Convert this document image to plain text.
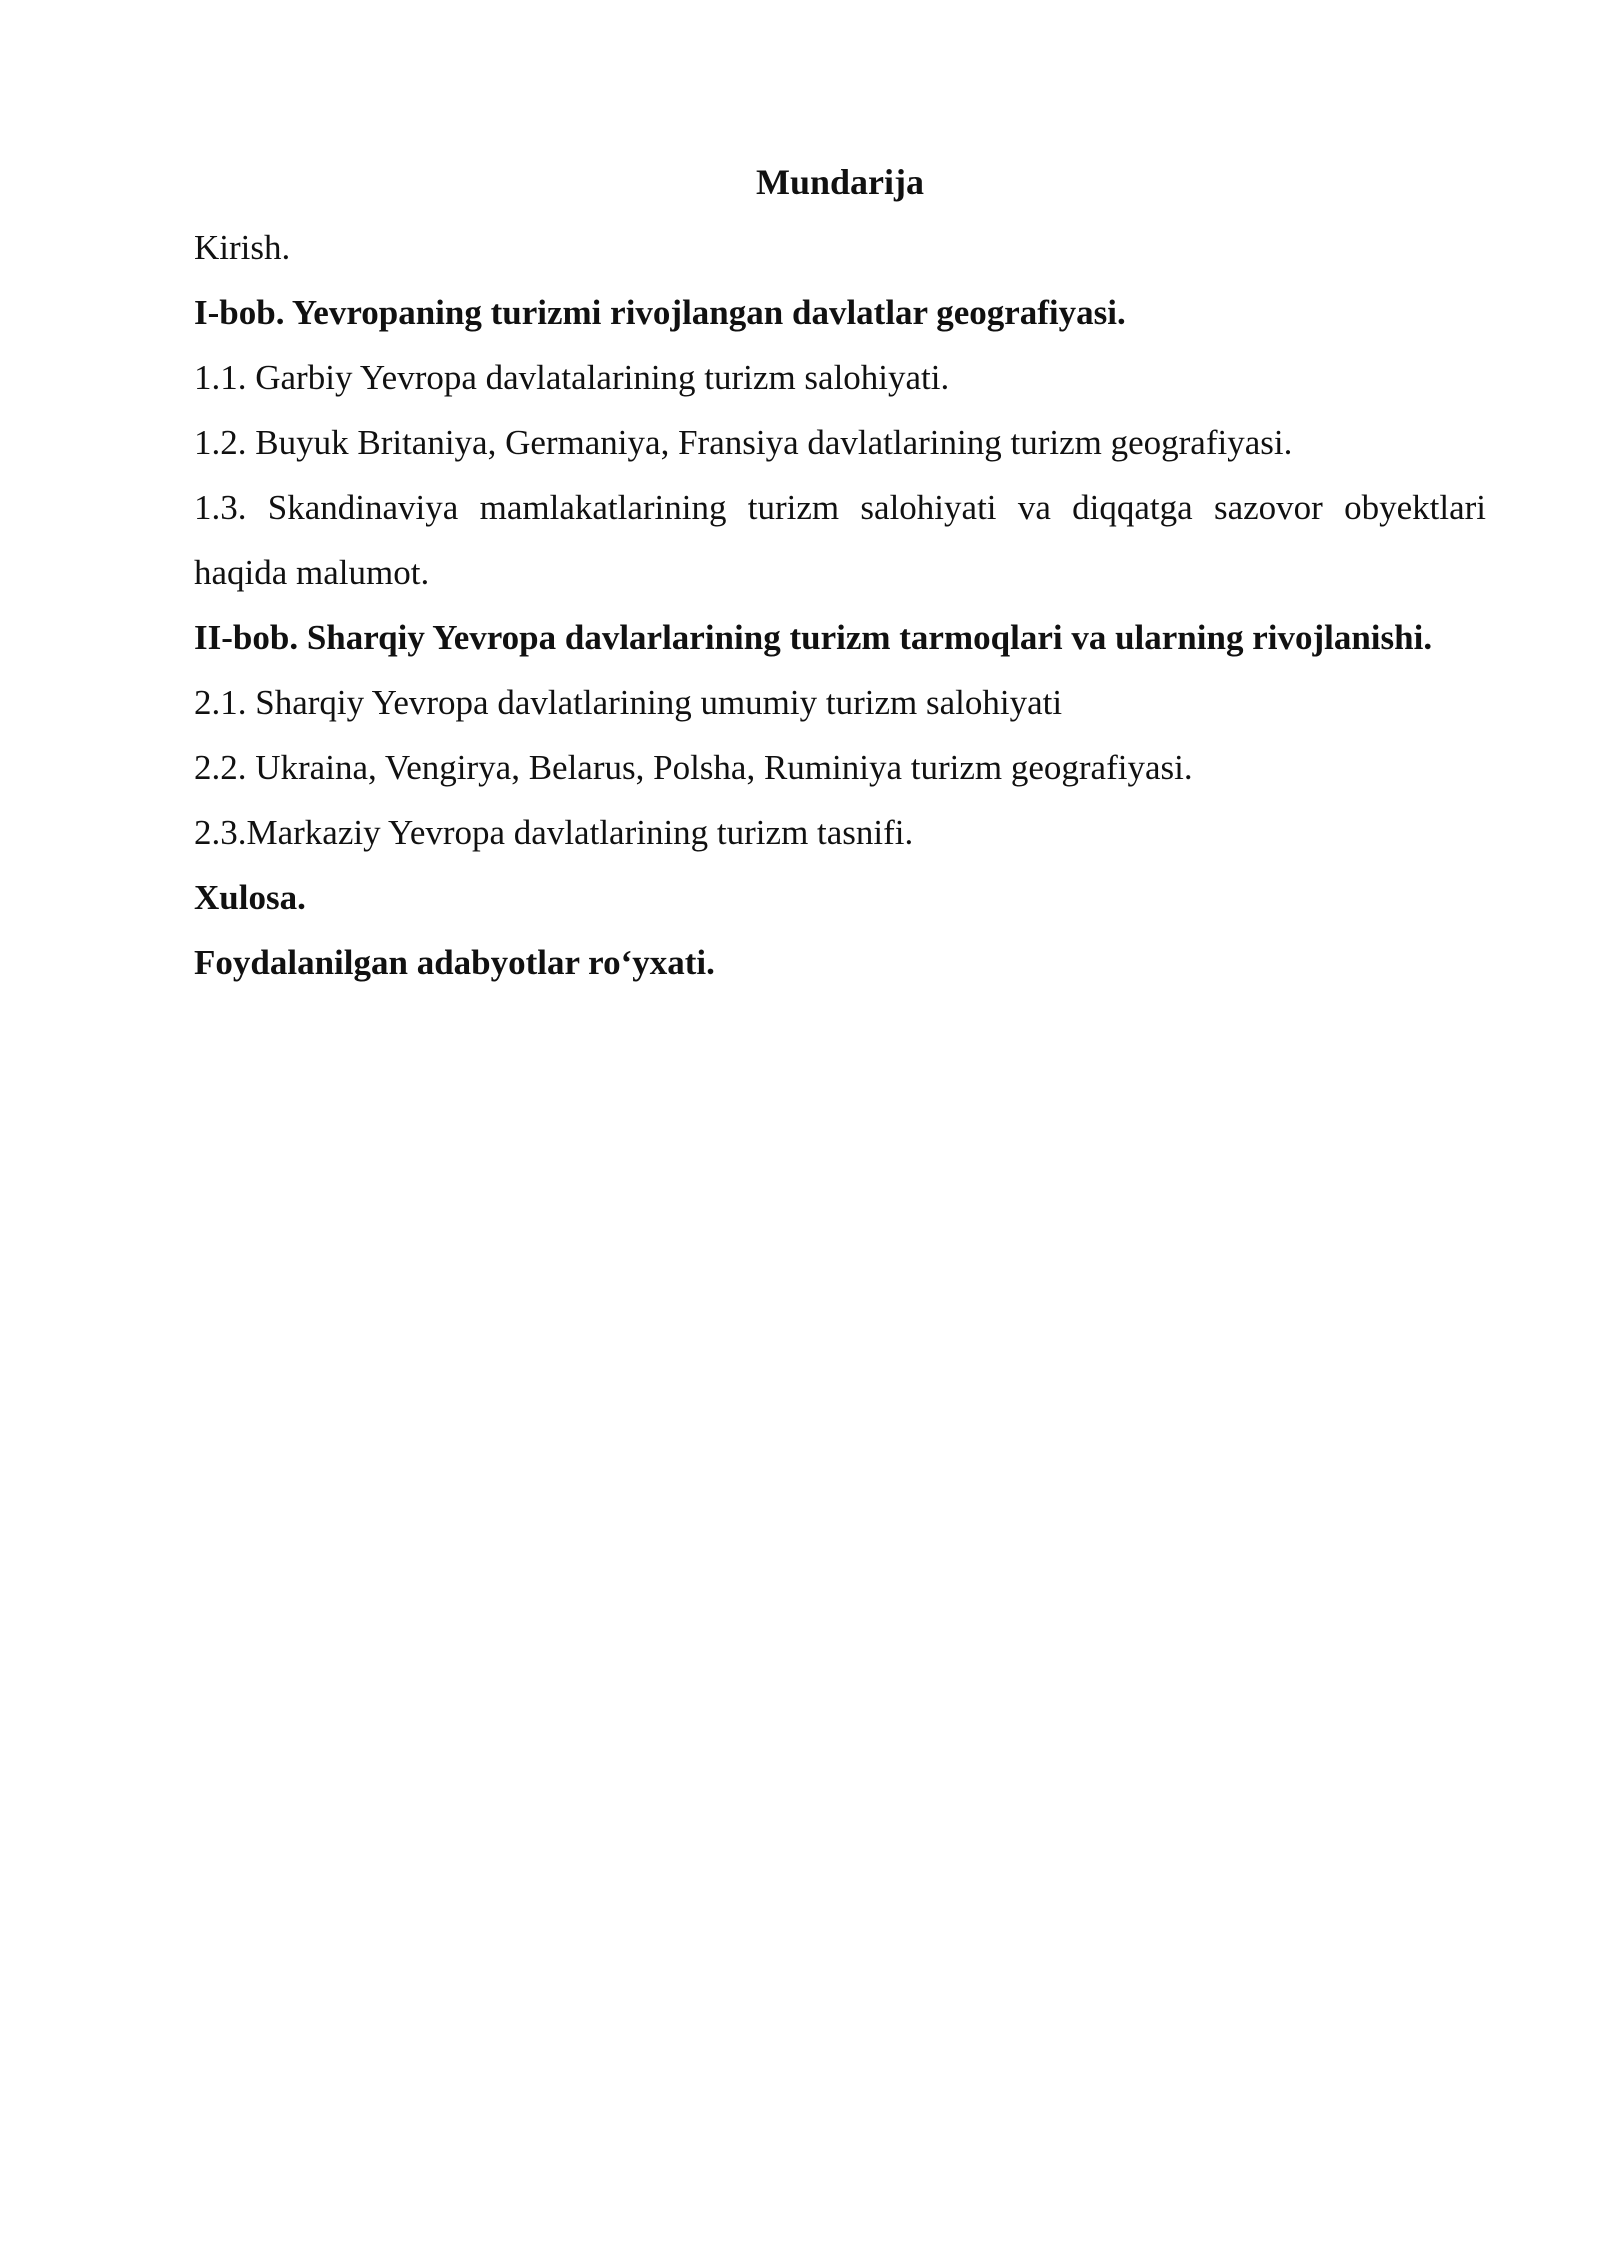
Mundarija

Kirish.

I-bob. Yevropaning turizmi rivojlangan davlatlar geografiyasi.

1.1. Garbiy Yevropa davlatalarining turizm salohiyati.

1.2. Buyuk Britaniya, Germaniya, Fransiya davlatlarining turizm geografiyasi.

1.3. Skandinaviya mamlakatlarining turizm salohiyati va diqqatga sazovor obyektlari haqida malumot.

II-bob. Sharqiy Yevropa davlarlarining turizm tarmoqlari va ularning rivojlanishi.

2.1. Sharqiy Yevropa davlatlarining umumiy turizm salohiyati

2.2. Ukraina, Vengirya, Belarus, Polsha, Ruminiya turizm geografiyasi.

2.3.Markaziy Yevropa davlatlarining turizm tasnifi.

Xulosa.

Foydalanilgan adabyotlar ro‘yxati.
